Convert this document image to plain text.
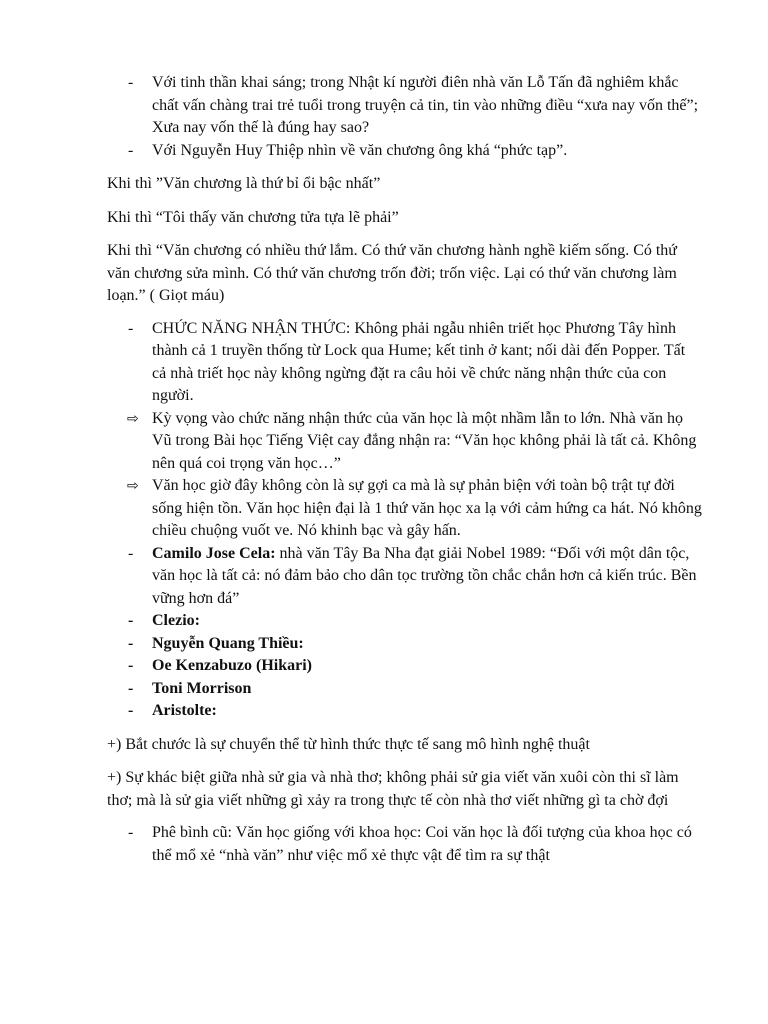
-	Với tinh thần khai sáng; trong Nhật kí người điên nhà văn Lỗ Tấn đã nghiêm khắc chất vấn chàng trai trẻ tuổi trong truyện cả tin, tin vào những điều “xưa nay vốn thế”; Xưa nay vốn thế là đúng hay sao?
-	Với Nguyễn Huy Thiệp nhìn về văn chương ông khá “phức tạp”.

Khi thì ”Văn chương là thứ bỉ ổi bậc nhất”

Khi thì “Tôi thấy văn chương tửa tựa lẽ phải”

Khi thì “Văn chương có nhiều thứ lắm. Có thứ văn chương hành nghề kiếm sống. Có thứ văn chương sửa mình. Có thứ văn chương trốn đời; trốn việc. Lại có thứ văn chương làm loạn.” ( Giọt máu)

-	CHỨC NĂNG NHẬN THỨC: Không phải ngẫu nhiên triết học Phương Tây hình thành cả 1 truyền thống từ Lock qua Hume; kết tinh ở kant; nối dài đến Popper. Tất cả nhà triết học này không ngừng đặt ra câu hỏi về chức năng nhận thức của con người.
⇨ Kỳ vọng vào chức năng nhận thức của văn học là một nhầm lẫn to lớn. Nhà văn họ Vũ trong Bài học Tiếng Việt cay đắng nhận ra: “Văn học không phải là tất cả. Không nên quá coi trọng văn học…”
⇨ Văn học giờ đây không còn là sự gợi ca mà là sự phản biện với toàn bộ trật tự đời sống hiện tồn. Văn học hiện đại là 1 thứ văn học xa lạ với cảm hứng ca hát. Nó không chiều chuộng vuốt ve. Nó khinh bạc và gây hấn.
-	Camilo Jose Cela: nhà văn Tây Ba Nha đạt giải Nobel 1989: “Đối với một dân tộc, văn học là tất cả: nó đảm bảo cho dân tọc trường tồn chắc chắn hơn cả kiến trúc. Bền vững hơn đá”
-	Clezio:
-	Nguyễn Quang Thiều:
-	Oe Kenzabuzo (Hikari)
-	Toni Morrison
-	Aristolte:

+) Bắt chước là sự chuyển thể từ hình thức thực tế sang mô hình nghệ thuật

+) Sự khác biệt giữa nhà sử gia và nhà thơ; không phải sử gia viết văn xuôi còn thi sĩ làm thơ; mà là sử gia viết những gì xảy ra trong thực tế còn nhà thơ viết những gì ta chờ đợi

-	Phê bình cũ: Văn học giống với khoa học: Coi văn học là đối tượng của khoa học có thể mổ xẻ “nhà văn” như việc mổ xẻ thực vật để tìm ra sự thật
